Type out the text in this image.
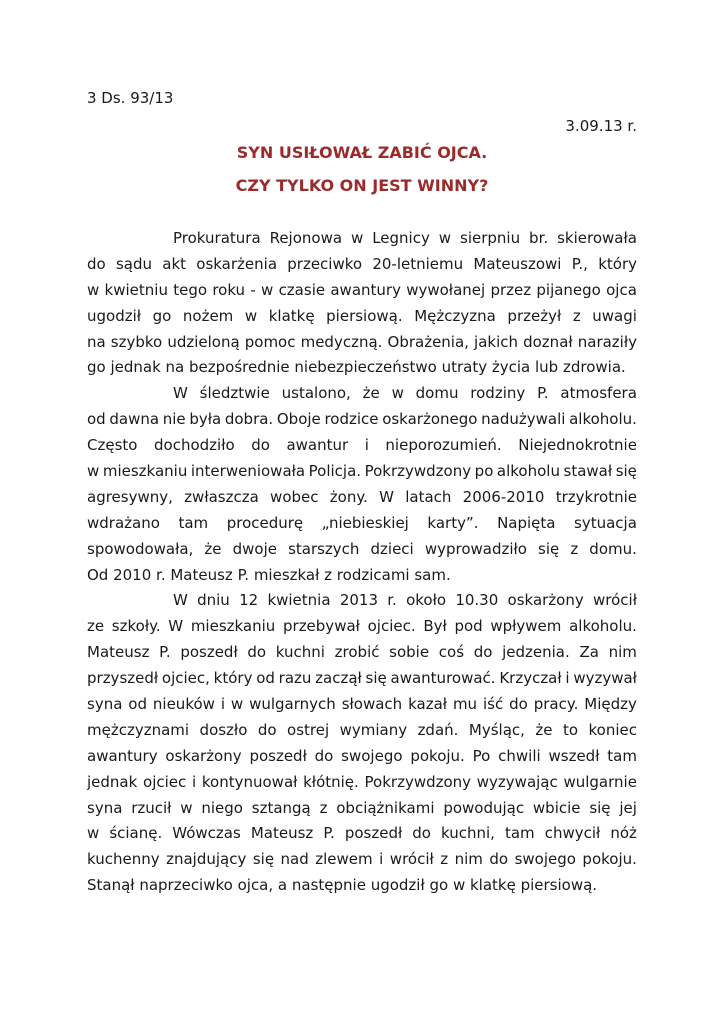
3 Ds. 93/13
3.09.13 r.
SYN USIŁOWAŁ ZABIĆ OJCA.
CZY TYLKO ON JEST WINNY?

Prokuratura Rejonowa w Legnicy w sierpniu br. skierowała
do sądu akt oskarżenia przeciwko 20-letniemu Mateuszowi P., który
w kwietniu tego roku - w czasie awantury wywołanej przez pijanego ojca
ugodził go nożem w klatkę piersiową. Mężczyzna przeżył z uwagi
na szybko udzieloną pomoc medyczną. Obrażenia, jakich doznał naraziły
go jednak na bezpośrednie niebezpieczeństwo utraty życia lub zdrowia.

W śledztwie ustalono, że w domu rodziny P. atmosfera
od dawna nie była dobra. Oboje rodzice oskarżonego nadużywali alkoholu.
Często dochodziło do awantur i nieporozumień. Niejednokrotnie
w mieszkaniu interweniowała Policja. Pokrzywdzony po alkoholu stawał się
agresywny, zwłaszcza wobec żony. W latach 2006-2010 trzykrotnie
wdrażano tam procedurę „niebieskiej karty”. Napięta sytuacja
spowodowała, że dwoje starszych dzieci wyprowadziło się z domu.
Od 2010 r. Mateusz P. mieszkał z rodzicami sam.

W dniu 12 kwietnia 2013 r. około 10.30 oskarżony wrócił
ze szkoły. W mieszkaniu przebywał ojciec. Był pod wpływem alkoholu.
Mateusz P. poszedł do kuchni zrobić sobie coś do jedzenia. Za nim
przyszedł ojciec, który od razu zaczął się awanturować. Krzyczał i wyzywał
syna od nieuków i w wulgarnych słowach kazał mu iść do pracy. Między
mężczyznami doszło do ostrej wymiany zdań. Myśląc, że to koniec
awantury oskarżony poszedł do swojego pokoju. Po chwili wszedł tam
jednak ojciec i kontynuował kłótnię. Pokrzywdzony wyzywając wulgarnie
syna rzucił w niego sztangą z obciążnikami powodując wbicie się jej
w ścianę. Wówczas Mateusz P. poszedł do kuchni, tam chwycił nóż
kuchenny znajdujący się nad zlewem i wrócił z nim do swojego pokoju.
Stanął naprzeciwko ojca, a następnie ugodził go w klatkę piersiową.
